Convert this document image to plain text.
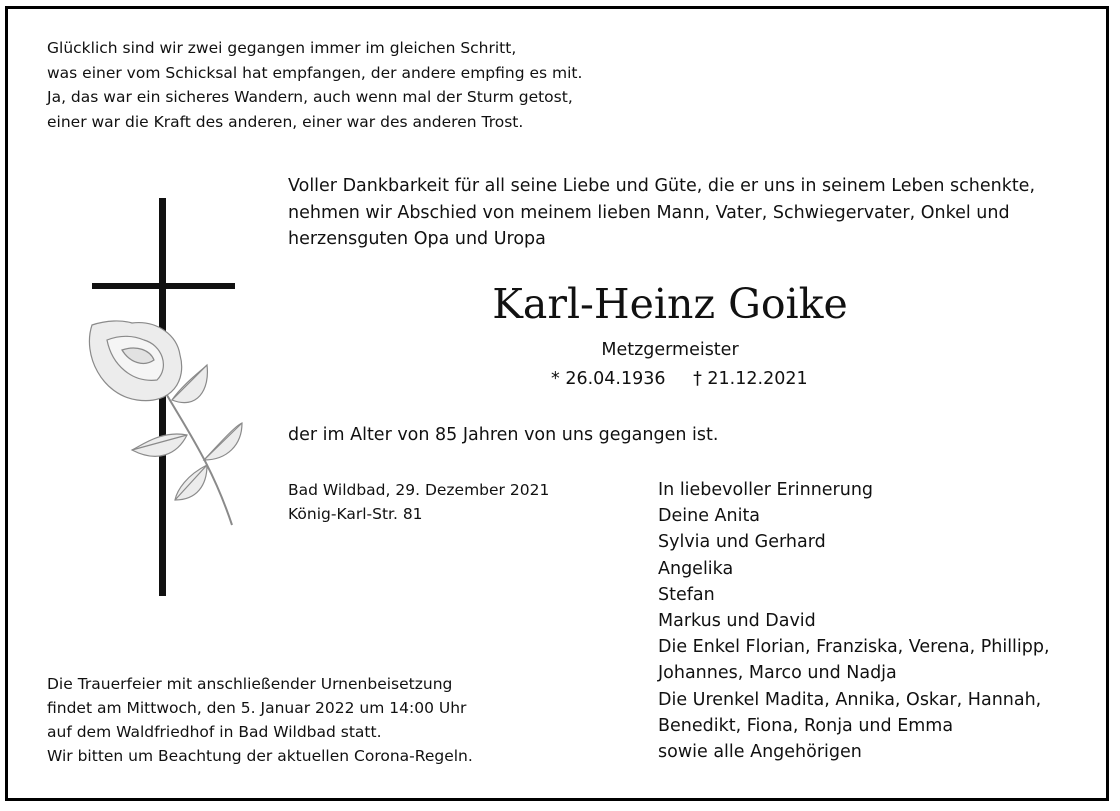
Glücklich sind wir zwei gegangen immer im gleichen Schritt,
was einer vom Schicksal hat empfangen, der andere empfing es mit.
Ja, das war ein sicheres Wandern, auch wenn mal der Sturm getost,
einer war die Kraft des anderen, einer war des anderen Trost.
Voller Dankbarkeit für all seine Liebe und Güte, die er uns in seinem Leben schenkte,
nehmen wir Abschied von meinem lieben Mann, Vater, Schwiegervater, Onkel und
herzensguten Opa und Uropa
Karl-Heinz Goike
Metzgermeister
* 26.04.1936 † 21.12.2021
der im Alter von 85 Jahren von uns gegangen ist.
Bad Wildbad, 29. Dezember 2021
König-Karl-Str. 81
In liebevoller Erinnerung
Deine Anita
Sylvia und Gerhard
Angelika
Stefan
Markus und David
Die Enkel Florian, Franziska, Verena, Phillipp,
Johannes, Marco und Nadja
Die Urenkel Madita, Annika, Oskar, Hannah,
Benedikt, Fiona, Ronja und Emma
sowie alle Angehörigen
Die Trauerfeier mit anschließender Urnenbeisetzung
findet am Mittwoch, den 5. Januar 2022 um 14:00 Uhr
auf dem Waldfriedhof in Bad Wildbad statt.
Wir bitten um Beachtung der aktuellen Corona-Regeln.
